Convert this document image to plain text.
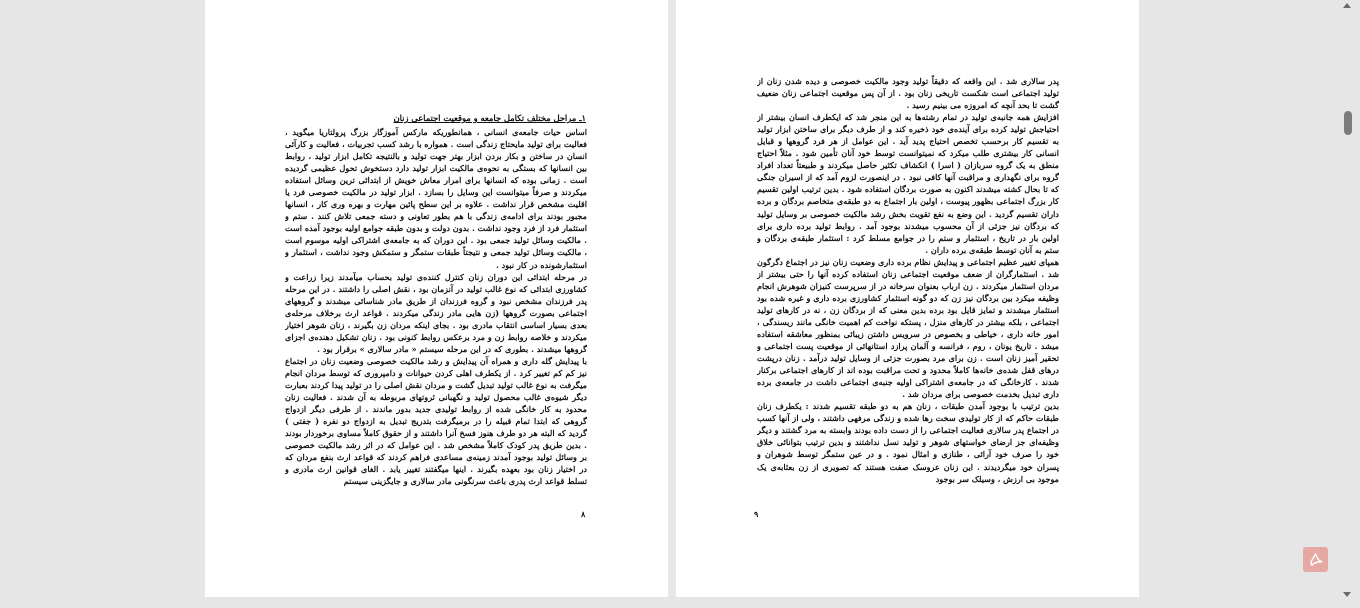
۱ـ مراحل مختلف تکامل جامعه و موقعیت اجتماعی زنان

اساس حیات جامعه‌ی انسانی ، همانطوریکه مارکس آموزگار بزرگ پرولتاریا میگوید ، فعالیت برای تولید مایحتاج زندگی است . همواره با رشد کسب تجربیات ، فعالیت و کارآئی انسان در ساختن و بکار بردن ابزار بهتر جهت تولید و بالنتیجه تکامل ابزار تولید ، روابط بین انسانها که بستگی به نحوه‌ی مالکیت ابزار تولید دارد دستخوش تحول عظیمی گردیده است . زمانی بوده که انسانها برای امرار معاش خویش از ابتدائی ترین وسائل استفاده میکردند و صرفاً میتوانست این وسایل را بسازد . ابزار تولید در مالکیت خصوصی فرد یا اقلیت مشخص قرار نداشت . علاوه بر این سطح پائین مهارت و بهره وری کار ، انسانها مجبور بودند برای ادامه‌ی زندگی با هم بطور تعاونی و دسته جمعی تلاش کنند . ستم و استثمار فرد از فرد وجود نداشت . بدون دولت و بدون طبقه جوامع اولیه بوجود آمده است . مالکیت وسائل تولید جمعی بود . این دوران که به جامعه‌ی اشتراکی اولیه موسوم است ، مالکیت وسائل تولید جمعی و نتیجتاً طبقات ستمگر و ستمکش وجود نداشت ، استثمار و استثمارشونده در کار نبود .

در مرحله ابتدائی این دوران زنان کنترل کننده‌ی تولید بحساب میآمدند زیرا زراعت و کشاورزی ابتدائی که نوع غالب تولید در آنزمان بود ، نقش اصلی را داشتند . در این مرحله پدر فرزندان مشخص نبود و گروه فرزندان از طریق مادر شناسائی میشدند و گروههای اجتماعی بصورت گروهها (زن هایی مادر زندگی میکردند . قواعد ارث برخلاف مرحله‌ی بعدی بسیار اساسی انتقاب مادری بود . بجای اینکه مردان زن بگیرند ، زنان شوهر اختیار میکردند و خلاصه روابط زن و مرد برعکس روابط کنونی بود . زنان تشکیل دهنده‌ی اجزای گروهها میشدند . بطوری که در این مرحله سیستم « مادر سالاری » برقرار بود .

با پیدایش گله داری و همراه آن پیدایش و رشد مالکیت خصوصی وضعیت زنان در اجتماع نیز کم کم تغییر کرد . از یکطرف اهلی کردن حیوانات و دامپروری که توسط مردان انجام میگرفت به نوع غالب تولید تبدیل گشت و مردان نقش اصلی را در تولید پیدا کردند بعبارت دیگر شیوه‌ی غالب محصول تولید و نگهبانی ثروتهای مربوطه به آن شدند . فعالیت زنان محدود به کار خانگی شده از روابط تولیدی جدید بدور ماندند . از طرفی دیگر ازدواج گروهی که ابتدا تمام قبیله را در برمیگرفت بتدریج تبدیل به ازدواج دو نفره ( جفتی ) گردید که البته هر دو طرف هنوز فسخ آنرا داشتند و از حقوق کاملاً مساوی برخوردار بودند . بدین طریق پدر کودک کاملاً مشخص شد . این عوامل که در اثر رشد مالکیت خصوصی بر وسائل تولید بوجود آمدند زمینه‌ی مساعدی فراهم کردند که قواعد ارث بنفع مردان که در اختیار زنان بود بعهده بگیرند . اینها میگفتند تغییر یابد . الغای قوانین ارث مادری و تسلط قواعد ارث پدری باعث سرنگونی مادر سالاری و جایگزینی سیستم

۸

پدر سالاری شد . این واقعه که دقیقاً تولید وجود مالکیت خصوصی و دیده شدن زنان از تولید اجتماعی است شکست تاریخی زنان بود . از آن پس موقعیت اجتماعی زنان ضعیف گشت تا بحد آنچه که امروزه می بینیم رسید .

افزایش همه جانبه‌ی تولید در تمام رشته‌ها به این منجر شد که ایکطرف انسان بیشتر از احتیاجش تولید کرده برای آینده‌ی خود ذخیره کند و از طرف دیگر برای ساختن ابزار تولید به تقسیم کار برحسب تخصص احتیاج پدید آید . این عوامل از هر فرد گروهها و قبایل انسانی کار بیشتری طلب میکرد که نمیتوانست توسط خود آنان تأمین شود . مثلاً احتیاج منطق به یک گروه سربازان ( اسرا ) انکشاف تکثیر حاصل میکردند و طبیعتاً تعداد افراد گروه برای نگهداری و مراقبت آنها کافی نبود . در اینصورت لزوم آمد که از اسیران جنگی که تا بحال کشته میشدند اکنون به صورت بردگان استفاده شود . بدین ترتیب اولین تقسیم کار بزرگ اجتماعی بظهور پیوست ، اولین بار اجتماع به دو طبقه‌ی متخاصم بردگان و برده داران تقسیم گردید . این وضع به نفع تقویت بخش رشد مالکیت خصوصی بر وسایل تولید که بردگان نیز جزئی از آن محسوب میشدند بوجود آمد . روابط تولید برده داری برای اولین بار در تاریخ ، استثمار و ستم را در جوامع مسلط کرد : استثمار طبقه‌ی بردگان و ستم به آنان توسط طبقه‌ی برده داران .

همپای تغییر عظیم اجتماعی و پیدایش نظام برده داری وضعیت زنان نیز در اجتماع دگرگون شد . استثمارگران از ضعف موقعیت اجتماعی زنان استفاده کرده آنها را حتی بیشتر از مردان استثمار میکردند . زن ارباب بعنوان سرخانه در از سرپرست کنیزان شوهرش انجام وظیفه میکرد بین بردگان نیز زن که دو گونه استثمار کشاورزی برده داری و غیره شده بود استثمار میشدند و تمایز قایل بود برده بدین معنی که از بردگان زن ، نه در کارهای تولید اجتماعی ، بلکه بیشتر در کارهای منزل ، پستکه نواخت کم اهمیت خانگی مانند ریسندگی ، امور خانه داری ، خیاطی و بخصوص در سرویس داشتن زیبائی بمنظور معاشقه استفاده میشد . تاریخ یونان ، روم ، فرانسه و آلمان پرازد استانهائی از موقعیت پست اجتماعی و تحقیر آمیز زنان است . زن برای مرد بصورت جزئی از وسایل تولید درآمد . زنان درپشت درهای قفل شده‌ی خانه‌ها کاملاً محدود و تحت مراقبت بوده اند از کارهای اجتماعی برکنار شدند . کارخانگی که در جامعه‌ی اشتراکی اولیه جنبه‌ی اجتماعی داشت در جامعه‌ی برده داری تبدیل بخدمت خصوصی برای مردان شد .

بدین ترتیب با بوجود آمدن طبقات ، زنان هم به دو طبقه تقسیم شدند : یکطرف زنان طبقات حاکم که از کار تولیدی سخت رها شده و زندگی مرفهی داشتند ، ولی از آنها کسب در اجتماع پدر سالاری فعالیت اجتماعی را از دست داده بودند وابسته به مرد گشتند و دیگر وظیفه‌ای جز ارضای خواستهای شوهر و تولید نسل نداشتند و بدین ترتیب بتوانائی خلاق خود را صرف خود آرائی ، طنازی و امثال نمود . و در عین ستمگر توسط شوهران و پسران خود میگردیدند . این زنان عروسک صفت هستند که تصویری از زن بعثابه‌ی یک موجود بی ارزش ، وسیلک سر بوجود

۹
